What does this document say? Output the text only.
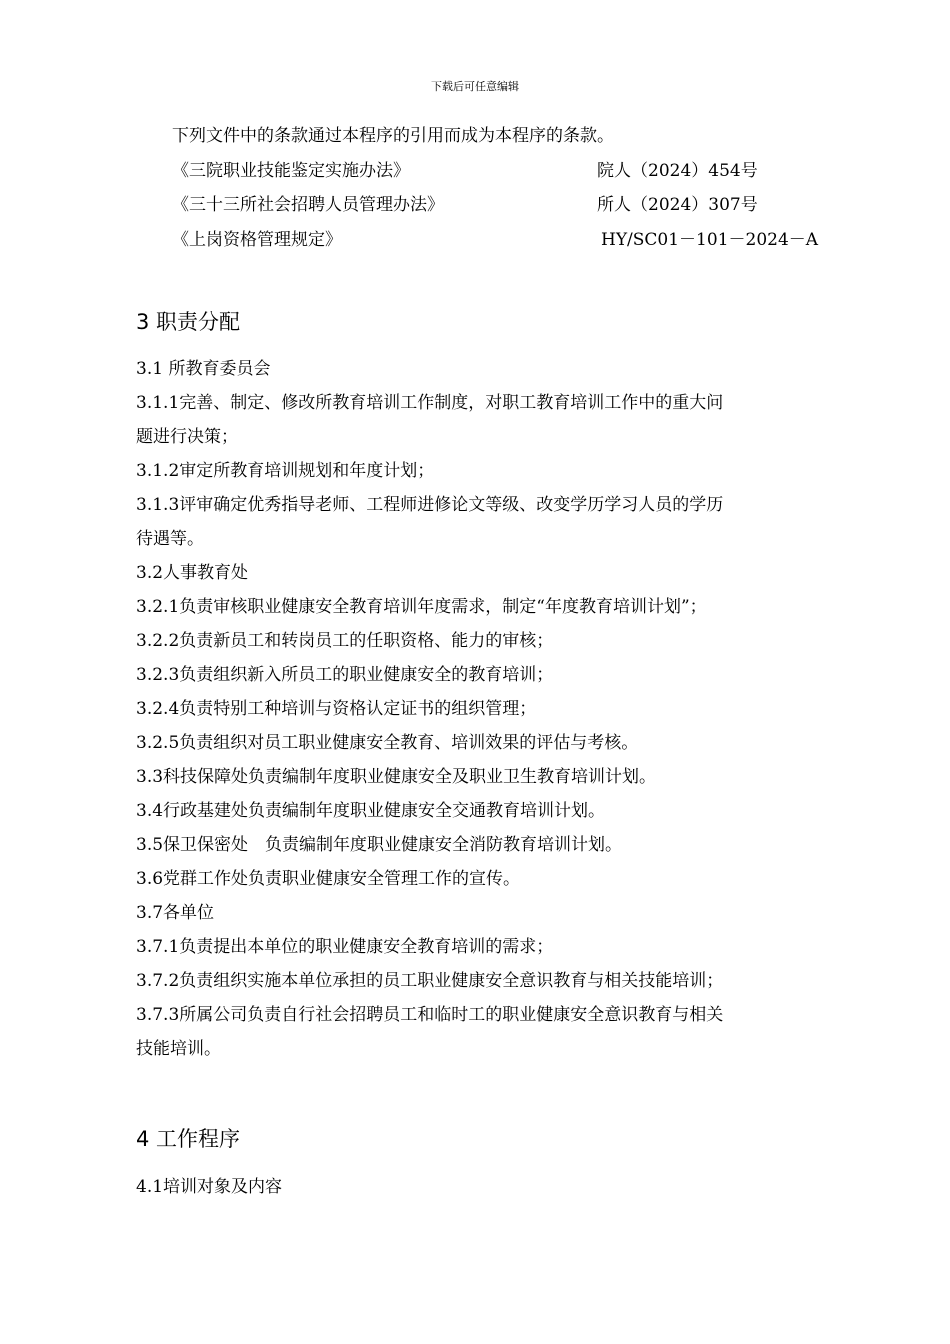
下载后可任意编辑
下列文件中的条款通过本程序的引用而成为本程序的条款。
《三院职业技能鉴定实施办法》	院人（2024）454号
《三十三所社会招聘人员管理办法》	所人（2024）307号
《上岗资格管理规定》	HY/SC01－101－2024－A
3 职责分配
3.1 所教育委员会
3.1.1完善、制定、修改所教育培训工作制度，对职工教育培训工作中的重大问
题进行决策；
3.1.2审定所教育培训规划和年度计划；
3.1.3评审确定优秀指导老师、工程师进修论文等级、改变学历学习人员的学历
待遇等。
3.2人事教育处
3.2.1负责审核职业健康安全教育培训年度需求，制定“年度教育培训计划”；
3.2.2负责新员工和转岗员工的任职资格、能力的审核；
3.2.3负责组织新入所员工的职业健康安全的教育培训；
3.2.4负责特别工种培训与资格认定证书的组织管理；
3.2.5负责组织对员工职业健康安全教育、培训效果的评估与考核。
3.3科技保障处负责编制年度职业健康安全及职业卫生教育培训计划。
3.4行政基建处负责编制年度职业健康安全交通教育培训计划。
3.5保卫保密处　负责编制年度职业健康安全消防教育培训计划。
3.6党群工作处负责职业健康安全管理工作的宣传。
3.7各单位
3.7.1负责提出本单位的职业健康安全教育培训的需求；
3.7.2负责组织实施本单位承担的员工职业健康安全意识教育与相关技能培训；
3.7.3所属公司负责自行社会招聘员工和临时工的职业健康安全意识教育与相关
技能培训。
4 工作程序
4.1培训对象及内容
